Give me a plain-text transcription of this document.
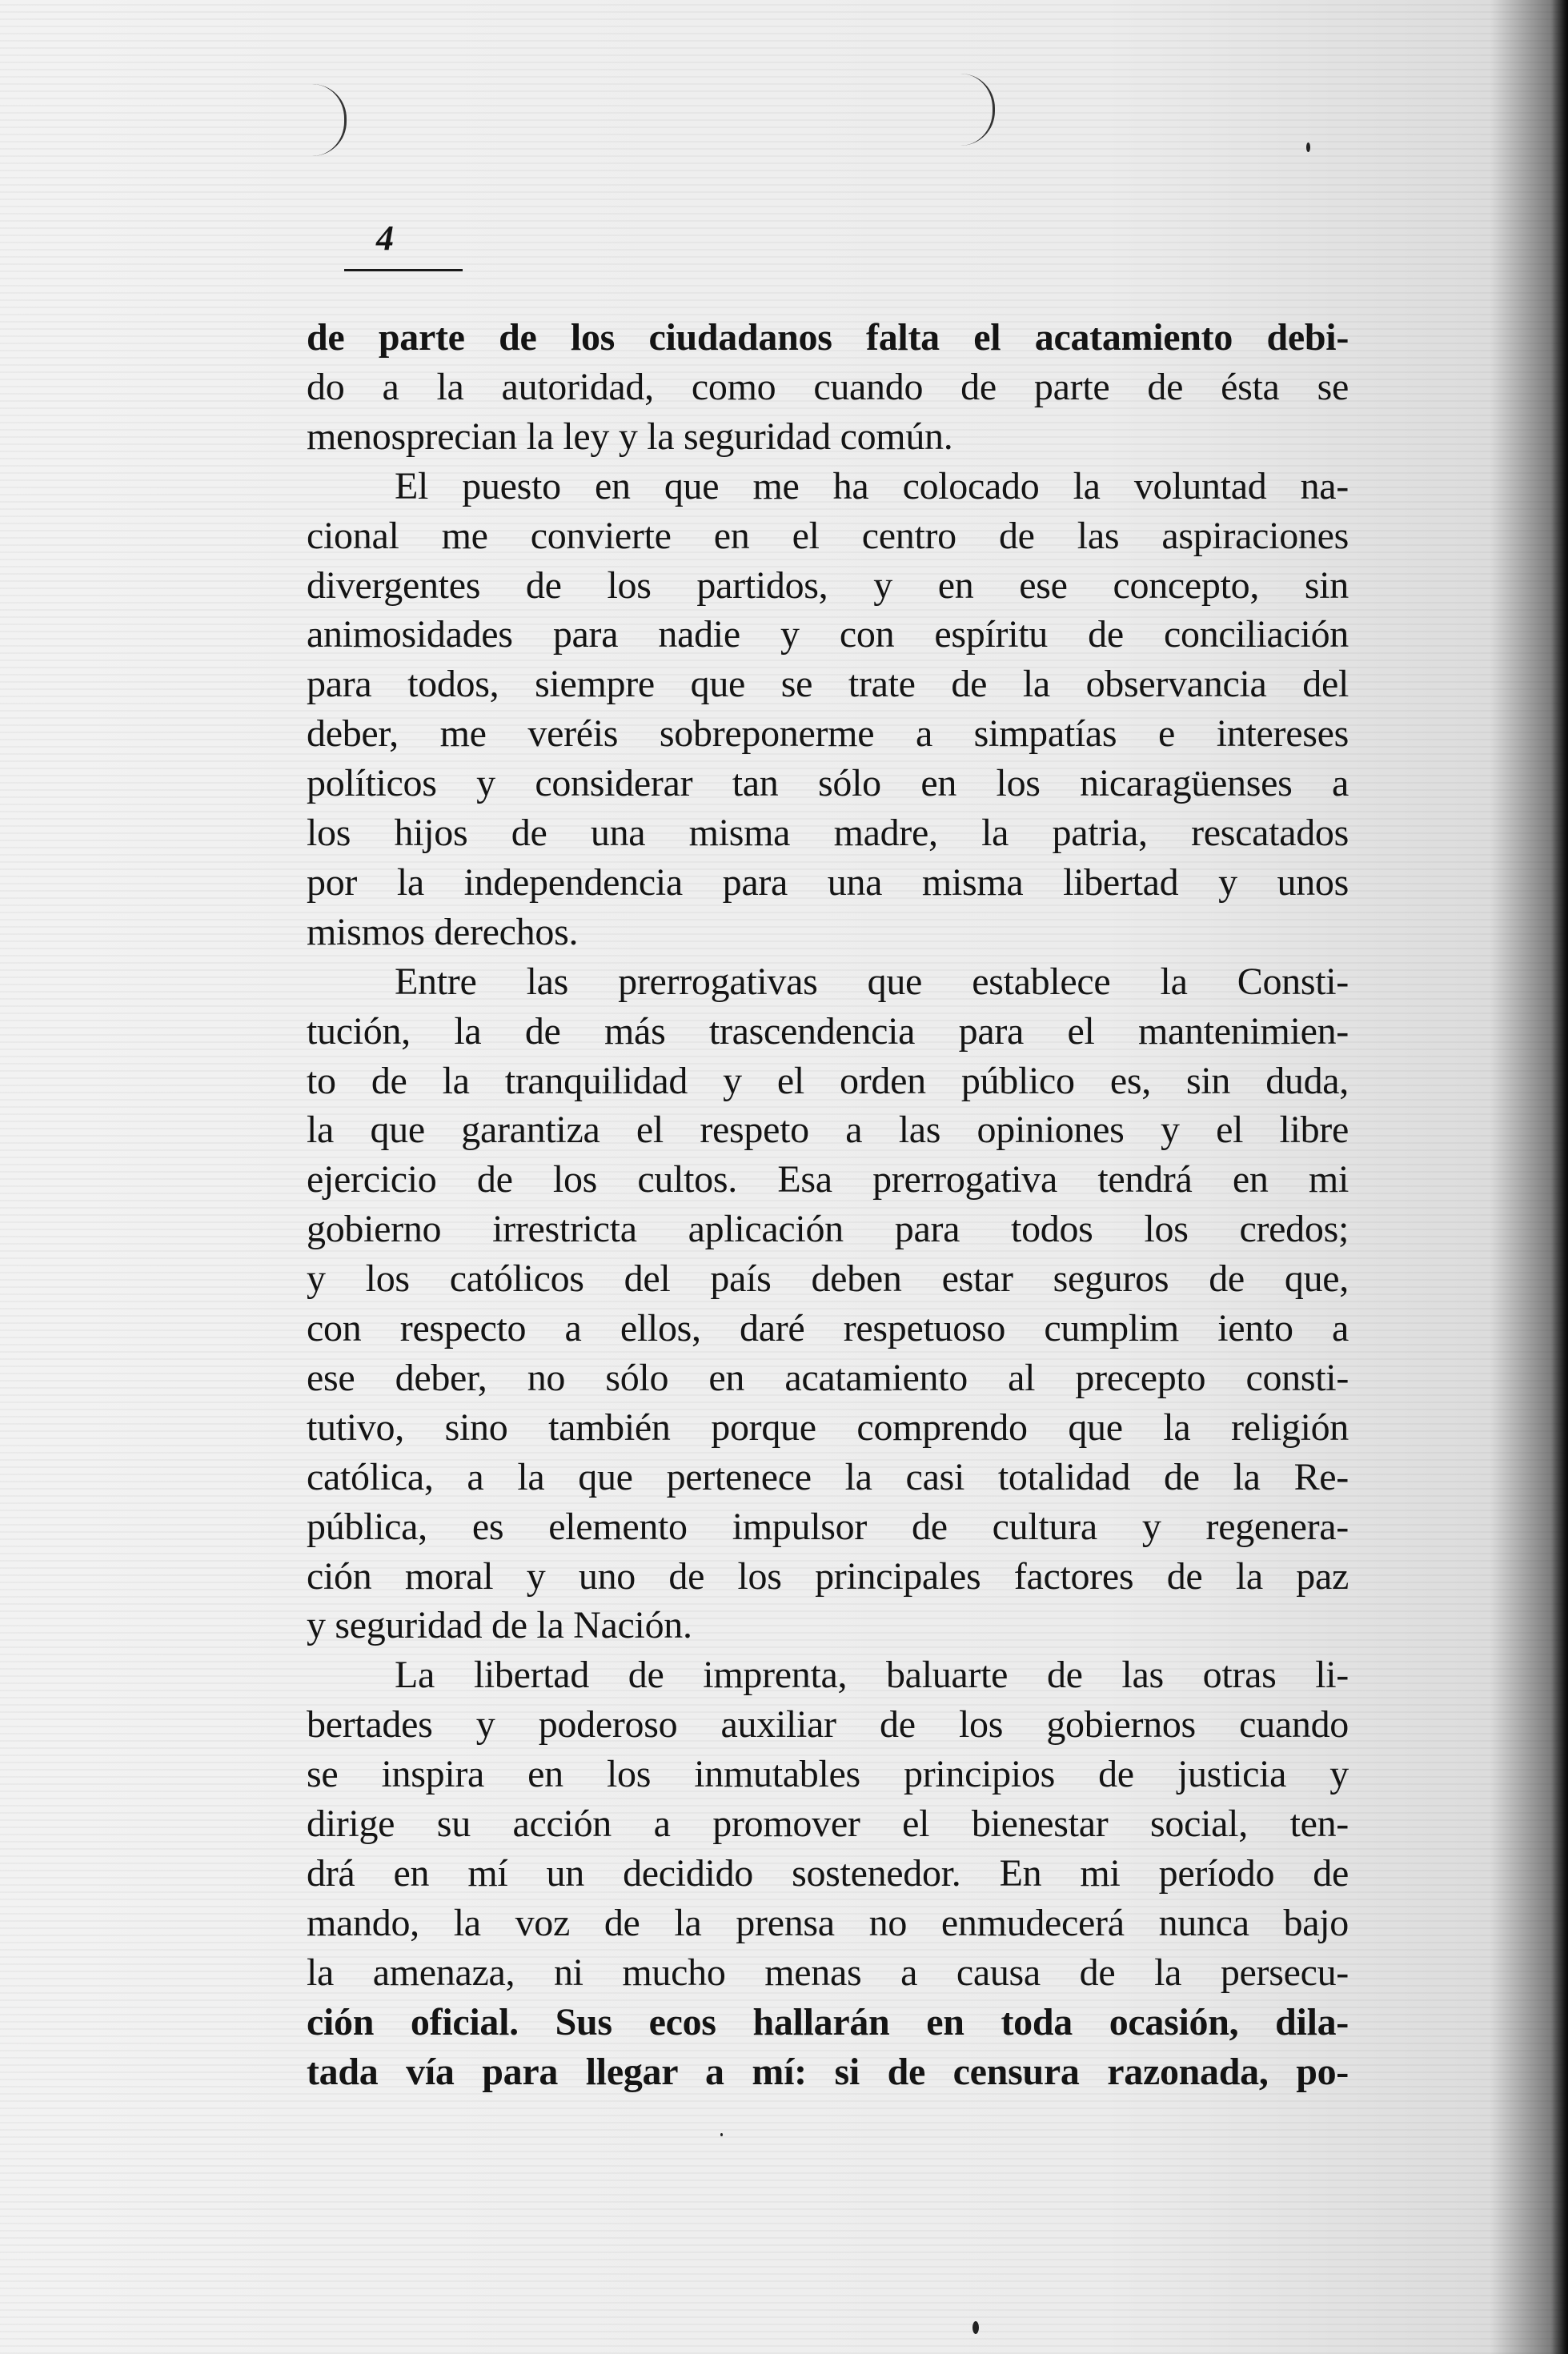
4
de parte de los ciudadanos falta el acatamiento debi-
do a la autoridad, como cuando de parte de ésta se
menosprecian la ley y la seguridad común.
El puesto en que me ha colocado la voluntad na-
cional me convierte en el centro de las aspiraciones
divergentes de los partidos, y en ese concepto, sin
animosidades para nadie y con espíritu de conciliación
para todos, siempre que se trate de la observancia del
deber, me veréis sobreponerme a simpatías e intereses
políticos y considerar tan sólo en los nicaragüenses a
los hijos de una misma madre, la patria, rescatados
por la independencia para una misma libertad y unos
mismos derechos.
Entre las prerrogativas que establece la Consti-
tución, la de más trascendencia para el mantenimien-
to de la tranquilidad y el orden público es, sin duda,
la que garantiza el respeto a las opiniones y el libre
ejercicio de los cultos. Esa prerrogativa tendrá en mi
gobierno irrestricta aplicación para todos los credos;
y los católicos del país deben estar seguros de que,
con respecto a ellos, daré respetuoso cumplim iento a
ese deber, no sólo en acatamiento al precepto consti-
tutivo, sino también porque comprendo que la religión
católica, a la que pertenece la casi totalidad de la Re-
pública, es elemento impulsor de cultura y regenera-
ción moral y uno de los principales factores de la paz
y seguridad de la Nación.
La libertad de imprenta, baluarte de las otras li-
bertades y poderoso auxiliar de los gobiernos cuando
se inspira en los inmutables principios de justicia y
dirige su acción a promover el bienestar social, ten-
drá en mí un decidido sostenedor. En mi período de
mando, la voz de la prensa no enmudecerá nunca bajo
la amenaza, ni mucho menas a causa de la persecu-
ción oficial. Sus ecos hallarán en toda ocasión, dila-
tada vía para llegar a mí: si de censura razonada, po-
